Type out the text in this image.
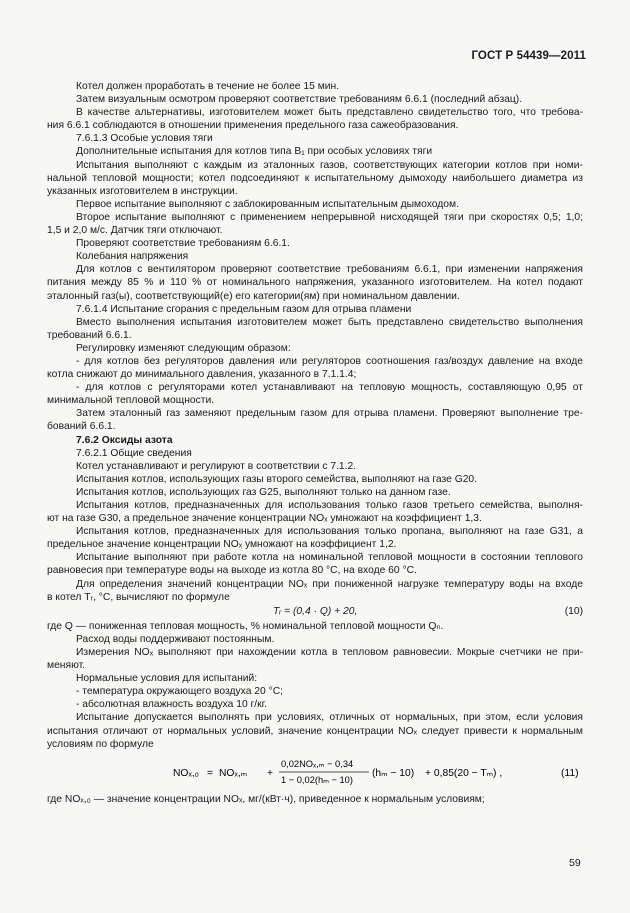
ГОСТ Р 54439—2011
Котел должен проработать в течение не более 15 мин.
Затем визуальным осмотром проверяют соответствие требованиям 6.6.1 (последний абзац).
В качестве альтернативы, изготовителем может быть представлено свидетельство того, что требова-
ния 6.6.1 соблюдаются в отношении применения предельного газа сажеобразования.
7.6.1.3 Особые условия тяги
Дополнительные испытания для котлов типа B₁ при особых условиях тяги
Испытания выполняют с каждым из эталонных газов, соответствующих категории котлов при номи-
нальной тепловой мощности; котел подсоединяют к испытательному дымоходу наибольшего диаметра из
указанных изготовителем в инструкции.
Первое испытание выполняют с заблокированным испытательным дымоходом.
Второе испытание выполняют с применением непрерывной нисходящей тяги при скоростях 0,5; 1,0;
1,5 и 2,0 м/с. Датчик тяги отключают.
Проверяют соответствие требованиям 6.6.1.
Колебания напряжения
Для котлов с вентилятором проверяют соответствие требованиям 6.6.1, при изменении напряжения
питания между 85 % и 110 % от номинального напряжения, указанного изготовителем. На котел подают
эталонный газ(ы), соответствующий(е) его категории(ям) при номинальном давлении.
7.6.1.4 Испытание сгорания с предельным газом для отрыва пламени
Вместо выполнения испытания изготовителем может быть представлено свидетельство выполнения
требований 6.6.1.
Регулировку изменяют следующим образом:
- для котлов без регуляторов давления или регуляторов соотношения газ/воздух давление на входе
котла снижают до минимального давления, указанного в 7.1.1.4;
- для котлов с регуляторами котел устанавливают на тепловую мощность, составляющую 0,95 от
минимальной тепловой мощности.
Затем эталонный газ заменяют предельным газом для отрыва пламени. Проверяют выполнение тре-
бований 6.6.1.
7.6.2 Оксиды азота
7.6.2.1 Общие сведения
Котел устанавливают и регулируют в соответствии с 7.1.2.
Испытания котлов, использующих газы второго семейства, выполняют на газе G20.
Испытания котлов, использующих газ G25, выполняют только на данном газе.
Испытания котлов, предназначенных для использования только газов третьего семейства, выполня-
ют на газе G30, а предельное значение концентрации NOₓ умножают на коэффициент 1,3.
Испытания котлов, предназначенных для использования только пропана, выполняют на газе G31, а
предельное значение концентрации NOₓ умножают на коэффициент 1,2.
Испытание выполняют при работе котла на номинальной тепловой мощности в состоянии теплового
равновесия при температуре воды на выходе из котла 80 °С, на входе 60 °С.
Для определения значений концентрации NOₓ при пониженной нагрузке температуру воды на входе
в котел Tᵣ, °С, вычисляют по формуле
Tᵣ = (0,4 · Q) + 20,	(10)
где Q — пониженная тепловая мощность, % номинальной тепловой мощности Qₙ.
Расход воды поддерживают постоянным.
Измерения NOₓ выполняют при нахождении котла в тепловом равновесии. Мокрые счетчики не при-
меняют.
Нормальные условия для испытаний:
- температура окружающего воздуха 20 °С;
- абсолютная влажность воздуха 10 г/кг.
Испытание допускается выполнять при условиях, отличных от нормальных, при этом, если условия
испытания отличают от нормальных условий, значение концентрации NOₓ следует привести к нормальным
условиям по формуле
NOₓ,₀ = NOₓ,ₘ +
0,02NOₓ,ₘ − 0,34
1 − 0,02(hₘ − 10)
(hₘ − 10) + 0,85(20 − Tₘ) ,	(11)
где NOₓ,₀ — значение концентрации NOₓ, мг/(кВт·ч), приведенное к нормальным условиям;
59
